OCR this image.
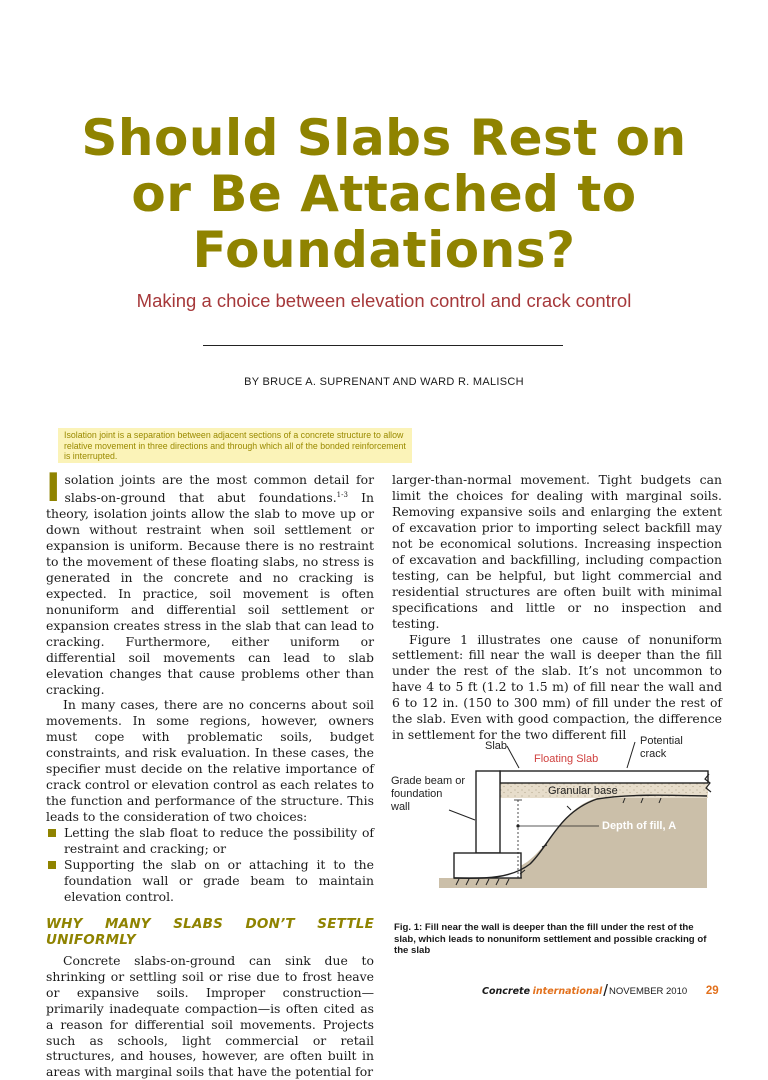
Should Slabs Rest on
or Be Attached to
Foundations?
Making a choice between elevation control and crack control
BY BRUCE A. SUPRENANT AND WARD R. MALISCH
Isolation joint is a separation between adjacent sections of a concrete structure to allow relative movement in three directions and through which all of the bonded reinforcement is interrupted.

Isolation joints are the most common detail for slabs-on-ground that abut foundations.$^{1-3}$ In theory, isolation joints allow the slab to move up or down without restraint when soil settlement or expansion is uniform. Because there is no restraint to the movement of these floating slabs, no stress is generated in the concrete and no cracking is expected. In practice, soil movement is often nonuniform and differential soil settlement or expansion creates stress in the slab that can lead to cracking. Furthermore, either uniform or differential soil movements can lead to slab elevation changes that cause problems other than cracking.

In many cases, there are no concerns about soil movements. In some regions, however, owners must cope with problematic soils, budget constraints, and risk evaluation. In these cases, the specifier must decide on the relative importance of crack control or elevation control as each relates to the function and performance of the structure. This leads to the consideration of two choices:

Letting the slab float to reduce the possibility of restraint and cracking; or
Supporting the slab on or attaching it to the foundation wall or grade beam to maintain elevation control.
WHY MANY SLABS DON’T SETTLE UNIFORMLY

Concrete slabs-on-ground can sink due to shrinking or settling soil or rise due to frost heave or expansive soils. Improper construction—primarily inadequate compaction—is often cited as a reason for differential soil movements. Projects such as schools, light commercial or retail structures, and houses, however, are often built in areas with marginal soils that have the potential for

larger-than-normal movement. Tight budgets can limit the choices for dealing with marginal soils. Removing expansive soils and enlarging the extent of excavation prior to importing select backfill may not be economical solutions. Increasing inspection of excavation and backfilling, including compaction testing, can be helpful, but light commercial and residential structures are often built with minimal specifications and little or no inspection and testing.

Figure 1 illustrates one cause of nonuniform settlement: fill near the wall is deeper than the fill under the rest of the slab. It’s not uncommon to have 4 to 5 ft (1.2 to 1.5 m) of fill near the wall and 6 to 12 in. (150 to 300 mm) of fill under the rest of the slab. Even with good compaction, the difference in settlement for the two different fill

Slab
Floating Slab
Potential
crack
Grade beam or
foundation
wall
Granular base
Depth of fill, A
Fig. 1: Fill near the wall is deeper than the fill under the rest of the slab, which leads to nonuniform settlement and possible cracking of the slab
Concrete international/NOVEMBER 2010 29
